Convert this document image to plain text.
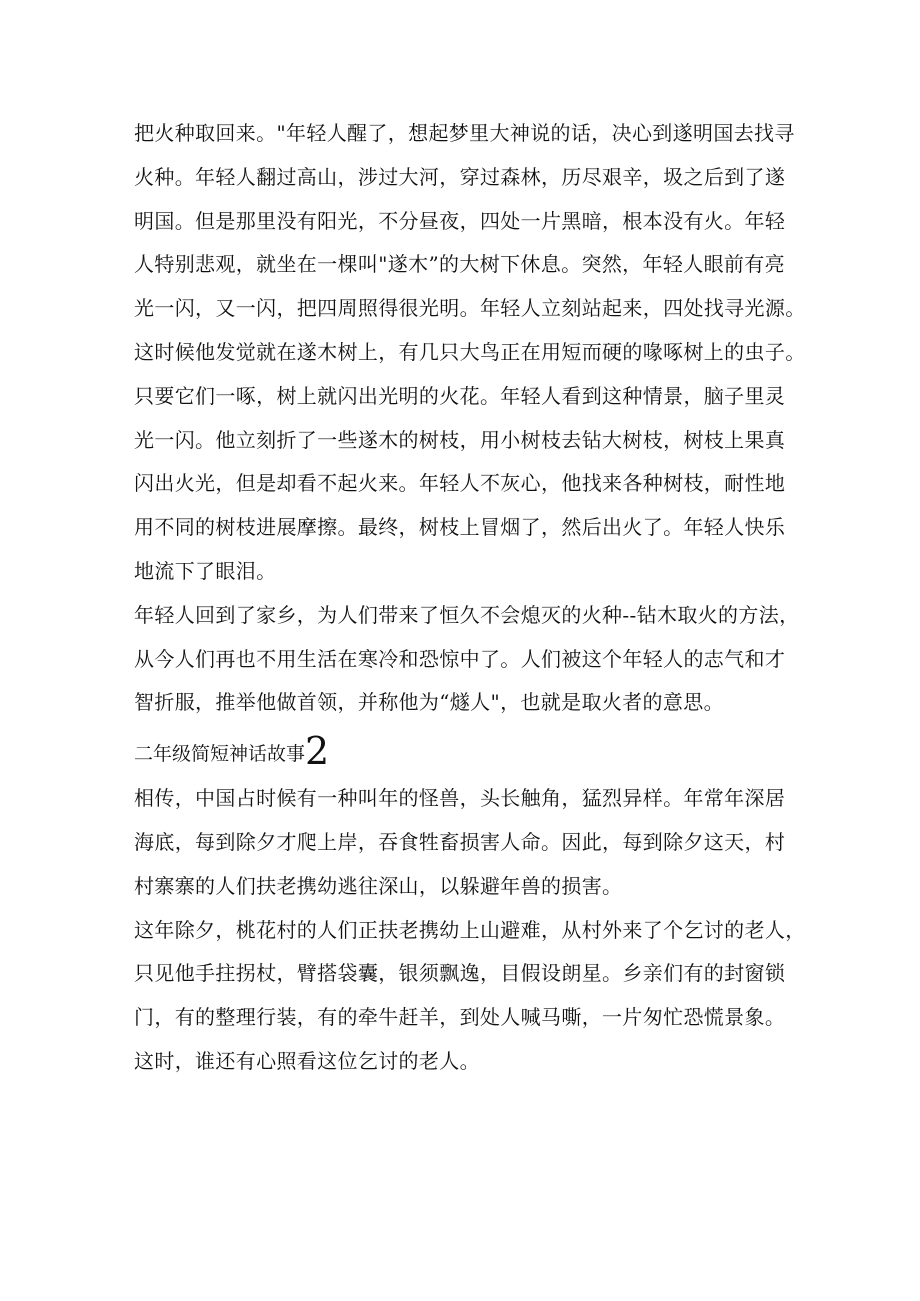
把火种取回来。"年轻人醒了，想起梦里大神说的话，决心到遂明国去找寻
火种。年轻人翻过高山，涉过大河，穿过森林，历尽艰辛，圾之后到了遂
明国。但是那里没有阳光，不分昼夜，四处一片黑暗，根本没有火。年轻
人特别悲观，就坐在一棵叫"遂木”的大树下休息。突然，年轻人眼前有亮
光一闪，又一闪，把四周照得很光明。年轻人立刻站起来，四处找寻光源。
这时候他发觉就在遂木树上，有几只大鸟正在用短而硬的喙啄树上的虫子。
只要它们一啄，树上就闪出光明的火花。年轻人看到这种情景，脑子里灵
光一闪。他立刻折了一些遂木的树枝，用小树枝去钻大树枝，树枝上果真
闪出火光，但是却看不起火来。年轻人不灰心，他找来各种树枝，耐性地
用不同的树枝进展摩擦。最终，树枝上冒烟了，然后出火了。年轻人快乐
地流下了眼泪。

年轻人回到了家乡，为人们带来了恒久不会熄灭的火种--钻木取火的方法，
从今人们再也不用生活在寒冷和恐惊中了。人们被这个年轻人的志气和才
智折服，推举他做首领，并称他为“燧人"，也就是取火者的意思。

二年级简短神话故事2

相传，中国占时候有一种叫年的怪兽，头长触角，猛烈异样。年常年深居
海底，每到除夕才爬上岸，吞食牲畜损害人命。因此，每到除夕这天，村
村寨寨的人们扶老携幼逃往深山，以躲避年兽的损害。

这年除夕，桃花村的人们正扶老携幼上山避难，从村外来了个乞讨的老人，
只见他手拄拐杖，臂搭袋囊，银须飘逸，目假设朗星。乡亲们有的封窗锁
门，有的整理行装，有的牵牛赶羊，到处人喊马嘶，一片匆忙恐慌景象。
这时，谁还有心照看这位乞讨的老人。
